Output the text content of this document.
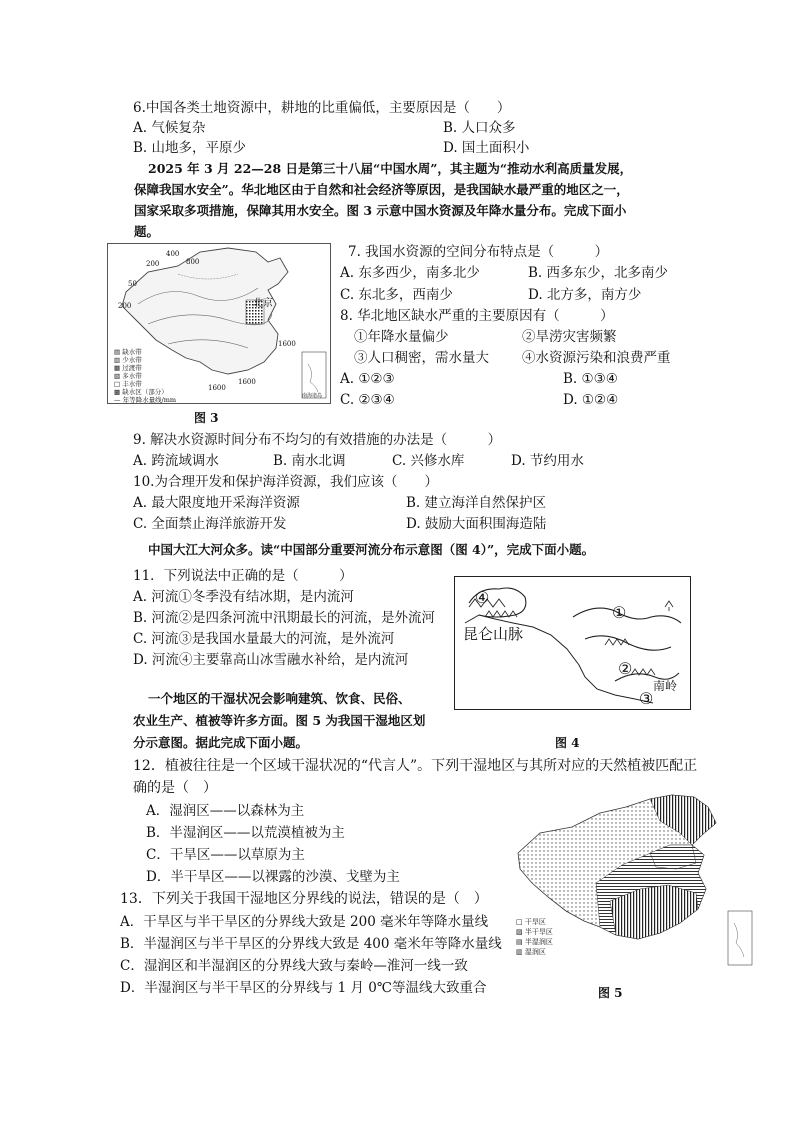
6.中国各类土地资源中，耕地的比重偏低，主要原因是（　　）
A. 气候复杂	B. 人口众多
B. 山地多，平原少	D. 国土面积小
2025 年 3 月 22—28 日是第三十八届“中国水周”，其主题为“推动水利高质量发展，
保障我国水安全”。华北地区由于自然和社会经济等原因，是我国缺水最严重的地区之一，
国家采取多项措施，保障其用水安全。图 3 示意中国水资源及年降水量分布。完成下面小
题。
北京
200
400
800
50
1600
1600
1600
200
▤ 缺水带
▥ 少水带
▦ 过渡带
▧ 多水带
□ 丰水带
▩ 缺水区（部分）
— 年等降水量线/mm	南海诸岛
图 3
7. 我国水资源的空间分布特点是（　　　）
A. 东多西少，南多北少	B. 西多东少，北多南少
C. 东北多，西南少	D. 北方多，南方少
8. 华北地区缺水严重的主要原因有（　　　）
①年降水量偏少	②旱涝灾害频繁
③人口稠密，需水量大 ④水资源污染和浪费严重
A. ①②③	B. ①③④
C. ②③④	D. ①②④
9. 解决水资源时间分布不均匀的有效措施的办法是（　　　）
A. 跨流域调水	B. 南水北调	C. 兴修水库	D. 节约用水
10.为合理开发和保护海洋资源，我们应该（　　）
A. 最大限度地开采海洋资源	B. 建立海洋自然保护区
C. 全面禁止海洋旅游开发	D. 鼓励大面积围海造陆
中国大江大河众多。读“中国部分重要河流分布示意图（图 4）”，完成下面小题。
11．下列说法中正确的是（　　　）
A. 河流①冬季没有结冰期，是内流河
B. 河流②是四条河流中汛期最长的河流，是外流河
C. 河流③是我国水量最大的河流，是外流河
D. 河流④主要靠高山冰雪融水补给，是内流河
昆仑山脉
南岭
①
②
③
④
图 4
一个地区的干湿状况会影响建筑、饮食、民俗、
农业生产、植被等许多方面。图 5 为我国干湿地区划
分示意图。据此完成下面小题。
12．植被往往是一个区域干湿状况的“代言人”。下列干湿地区与其所对应的天然植被匹配正
确的是（　）
A．湿润区——以森林为主
B．半湿润区——以荒漠植被为主
C．干旱区——以草原为主
D．半干旱区——以裸露的沙漠、戈壁为主
13．下列关于我国干湿地区分界线的说法，错误的是（　）
A．干旱区与半干旱区的分界线大致是 200 毫米年等降水量线
B．半湿润区与半干旱区的分界线大致是 400 毫米年等降水量线
C．湿润区和半湿润区的分界线大致与秦岭—淮河一线一致
D．半湿润区与半干旱区的分界线与 1 月 0℃等温线大致重合
□ 干旱区
▨ 半干旱区
▤ 半湿润区
▥ 湿润区
图 5
